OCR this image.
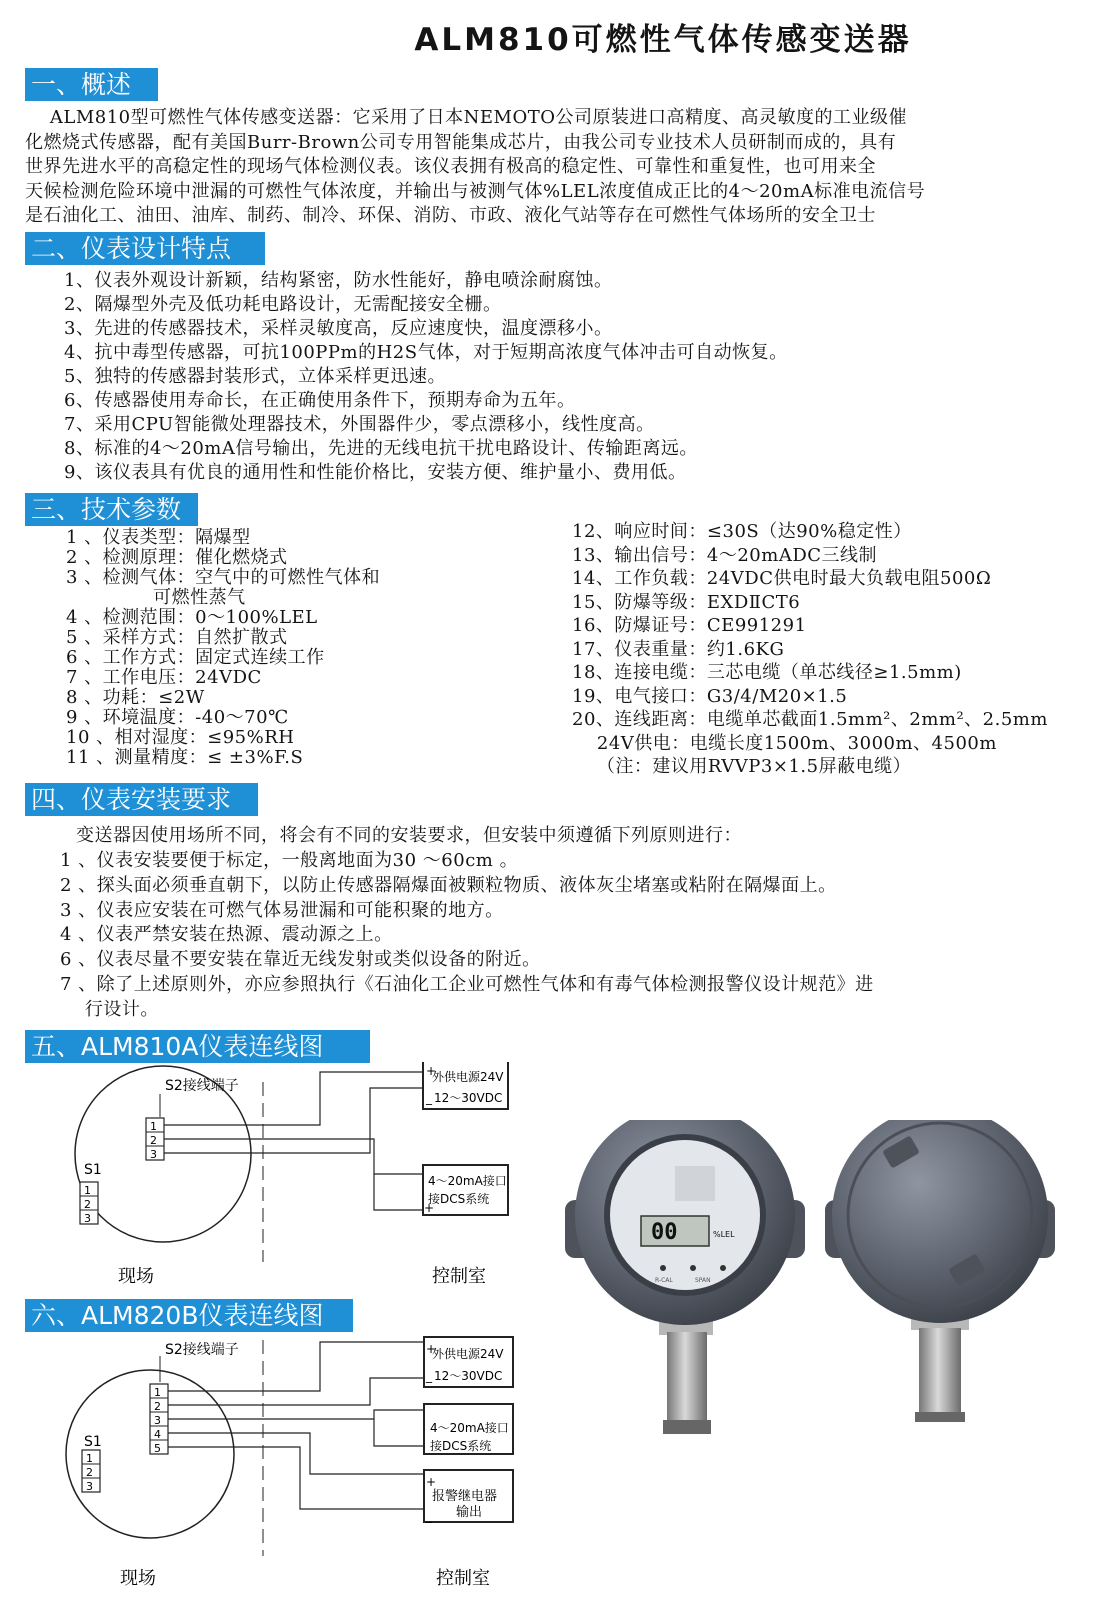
ALM810可燃性气体传感变送器
一、概述
ALM810型可燃性气体传感变送器：它采用了日本NEMOTO公司原装进口高精度、高灵敏度的工业级催
化燃烧式传感器，配有美国Burr-Brown公司专用智能集成芯片，由我公司专业技术人员研制而成的，具有
世界先进水平的高稳定性的现场气体检测仪表。该仪表拥有极高的稳定性、可靠性和重复性，也可用来全
天候检测危险环境中泄漏的可燃性气体浓度，并输出与被测气体%LEL浓度值成正比的4～20mA标准电流信号
是石油化工、油田、油库、制药、制冷、环保、消防、市政、液化气站等存在可燃性气体场所的安全卫士
二、仪表设计特点
1、仪表外观设计新颖，结构紧密，防水性能好，静电喷涂耐腐蚀。
2、隔爆型外壳及低功耗电路设计，无需配接安全栅。
3、先进的传感器技术，采样灵敏度高，反应速度快，温度漂移小。
4、抗中毒型传感器，可抗100PPm的H2S气体，对于短期高浓度气体冲击可自动恢复。
5、独特的传感器封装形式，立体采样更迅速。
6、传感器使用寿命长，在正确使用条件下，预期寿命为五年。
7、采用CPU智能微处理器技术，外围器件少，零点漂移小，线性度高。
8、标准的4～20mA信号输出，先进的无线电抗干扰电路设计、传输距离远。
9、该仪表具有优良的通用性和性能价格比，安装方便、维护量小、费用低。
三、技术参数
1 、仪表类型：隔爆型
2 、检测原理：催化燃烧式
3 、检测气体：空气中的可燃性气体和
可燃性蒸气
4 、检测范围：0～100%LEL
5 、采样方式：自然扩散式
6 、工作方式：固定式连续工作
7 、工作电压：24VDC
8 、功耗：≤2W
9 、环境温度：-40～70℃
10 、相对湿度：≤95%RH
11 、测量精度：≤ ±3%F.S
12、响应时间：≤30S（达90%稳定性）
13、输出信号：4～20mADC三线制
14、工作负载：24VDC供电时最大负载电阻500Ω
15、防爆等级：EXDⅡCT6
16、防爆证号：CE991291
17、仪表重量：约1.6KG
18、连接电缆：三芯电缆（单芯线径≥1.5mm)
19、电气接口：G3/4/M20×1.5
20、连线距离：电缆单芯截面1.5mm²、2mm²、2.5mm
24V供电：电缆长度1500m、3000m、4500m
（注：建议用RVVP3×1.5屏蔽电缆）
四、仪表安装要求
变送器因使用场所不同，将会有不同的安装要求，但安装中须遵循下列原则进行：
1 、仪表安装要便于标定，一般离地面为30 ～60cm 。
2 、探头面必须垂直朝下，以防止传感器隔爆面被颗粒物质、液体灰尘堵塞或粘附在隔爆面上。
3 、仪表应安装在可燃气体易泄漏和可能积聚的地方。
4 、仪表严禁安装在热源、震动源之上。
6 、仪表尽量不要安装在靠近无线发射或类似设备的附近。
7 、除了上述原则外，亦应参照执行《石油化工企业可燃性气体和有毒气体检测报警仪设计规范》进
行设计。
五、ALM810A仪表连线图
S2接线端子
1
2
3
S1
1
2
3
+
外供电源24V
_ 12～30VDC
4～20mA接口
接DCS系统
+
现场	控制室
六、ALM820B仪表连线图
S2接线端子
1
2
3
4
5
S1
1
2
3
+
外供电源24V
_ 12～30VDC
4～20mA接口
接DCS系统
+
报警继电器
输出
_
现场	控制室
00	%LEL
R-CAL	SPAN
